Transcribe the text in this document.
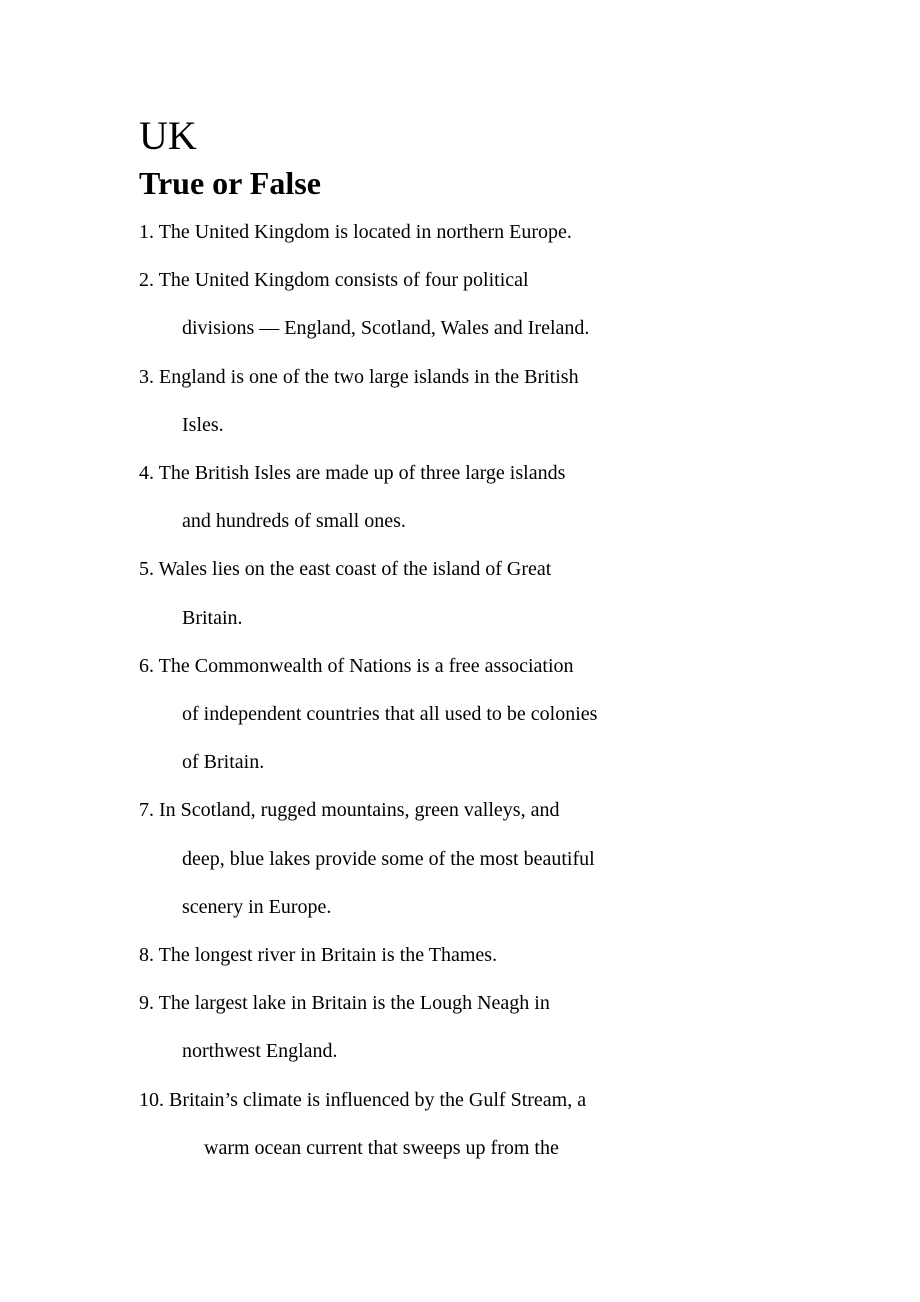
UK
True or False

1. The United Kingdom is located in northern Europe.

2. The United Kingdom consists of four political

divisions — England, Scotland, Wales and Ireland.

3. England is one of the two large islands in the British

Isles.

4. The British Isles are made up of three large islands

and hundreds of small ones.

5. Wales lies on the east coast of the island of Great

Britain.

6. The Commonwealth of Nations is a free association

of independent countries that all used to be colonies

of Britain.

7. In Scotland, rugged mountains, green valleys, and

deep, blue lakes provide some of the most beautiful

scenery in Europe.

8. The longest river in Britain is the Thames.

9. The largest lake in Britain is the Lough Neagh in

northwest England.

10. Britain’s climate is influenced by the Gulf Stream, a

warm ocean current that sweeps up from the
